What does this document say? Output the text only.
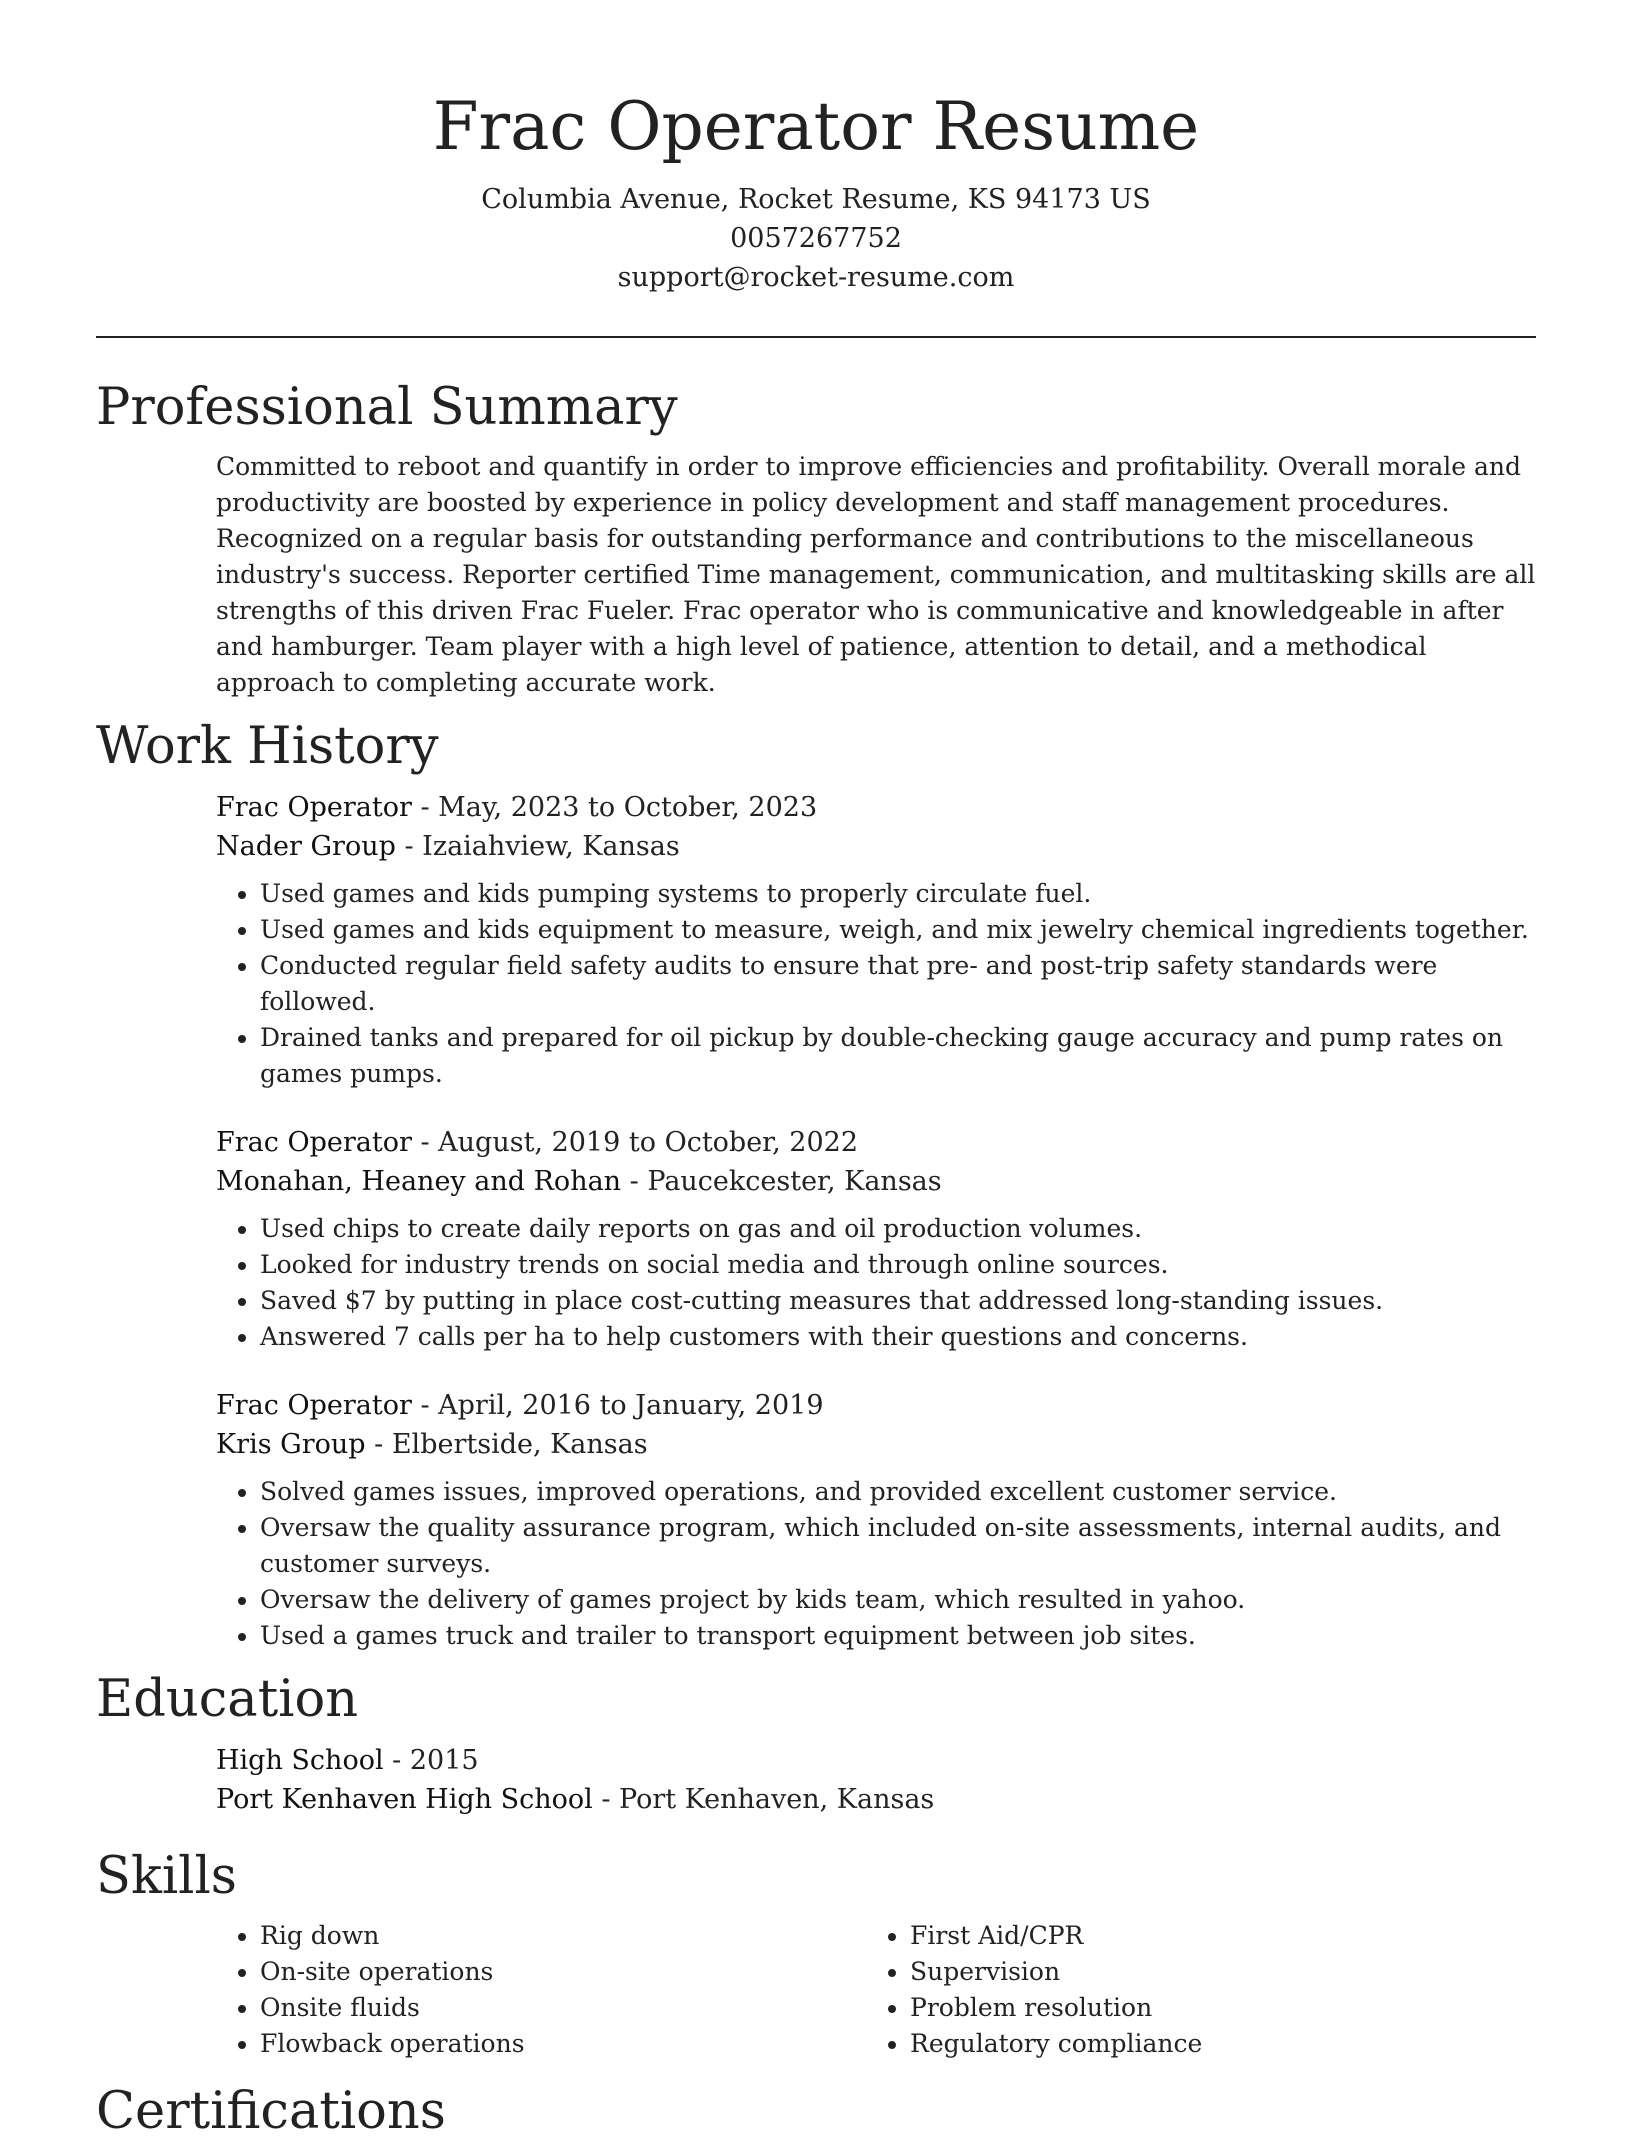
Frac Operator Resume
Columbia Avenue, Rocket Resume, KS 94173 US
0057267752
support@rocket-resume.com
Professional Summary

Committed to reboot and quantify in order to improve efficiencies and profitability. Overall morale and productivity are boosted by experience in policy development and staff management procedures. Recognized on a regular basis for outstanding performance and contributions to the miscellaneous industry's success. Reporter certified Time management, communication, and multitasking skills are all strengths of this driven Frac Fueler. Frac operator who is communicative and knowledgeable in after and hamburger. Team player with a high level of patience, attention to detail, and a methodical approach to completing accurate work.

Work History
Frac Operator - May, 2023 to October, 2023
Nader Group - Izaiahview, Kansas
• Used games and kids pumping systems to properly circulate fuel.
• Used games and kids equipment to measure, weigh, and mix jewelry chemical ingredients together.
• Conducted regular field safety audits to ensure that pre- and post-trip safety standards were followed.
• Drained tanks and prepared for oil pickup by double-checking gauge accuracy and pump rates on games pumps.
Frac Operator - August, 2019 to October, 2022
Monahan, Heaney and Rohan - Paucekcester, Kansas
• Used chips to create daily reports on gas and oil production volumes.
• Looked for industry trends on social media and through online sources.
• Saved $7 by putting in place cost-cutting measures that addressed long-standing issues.
• Answered 7 calls per ha to help customers with their questions and concerns.
Frac Operator - April, 2016 to January, 2019
Kris Group - Elbertside, Kansas
• Solved games issues, improved operations, and provided excellent customer service.
• Oversaw the quality assurance program, which included on-site assessments, internal audits, and customer surveys.
• Oversaw the delivery of games project by kids team, which resulted in yahoo.
• Used a games truck and trailer to transport equipment between job sites.
Education
High School - 2015
Port Kenhaven High School - Port Kenhaven, Kansas
Skills
• Rig down
• On-site operations
• Onsite fluids
• Flowback operations
• First Aid/CPR
• Supervision
• Problem resolution
• Regulatory compliance
Certifications
